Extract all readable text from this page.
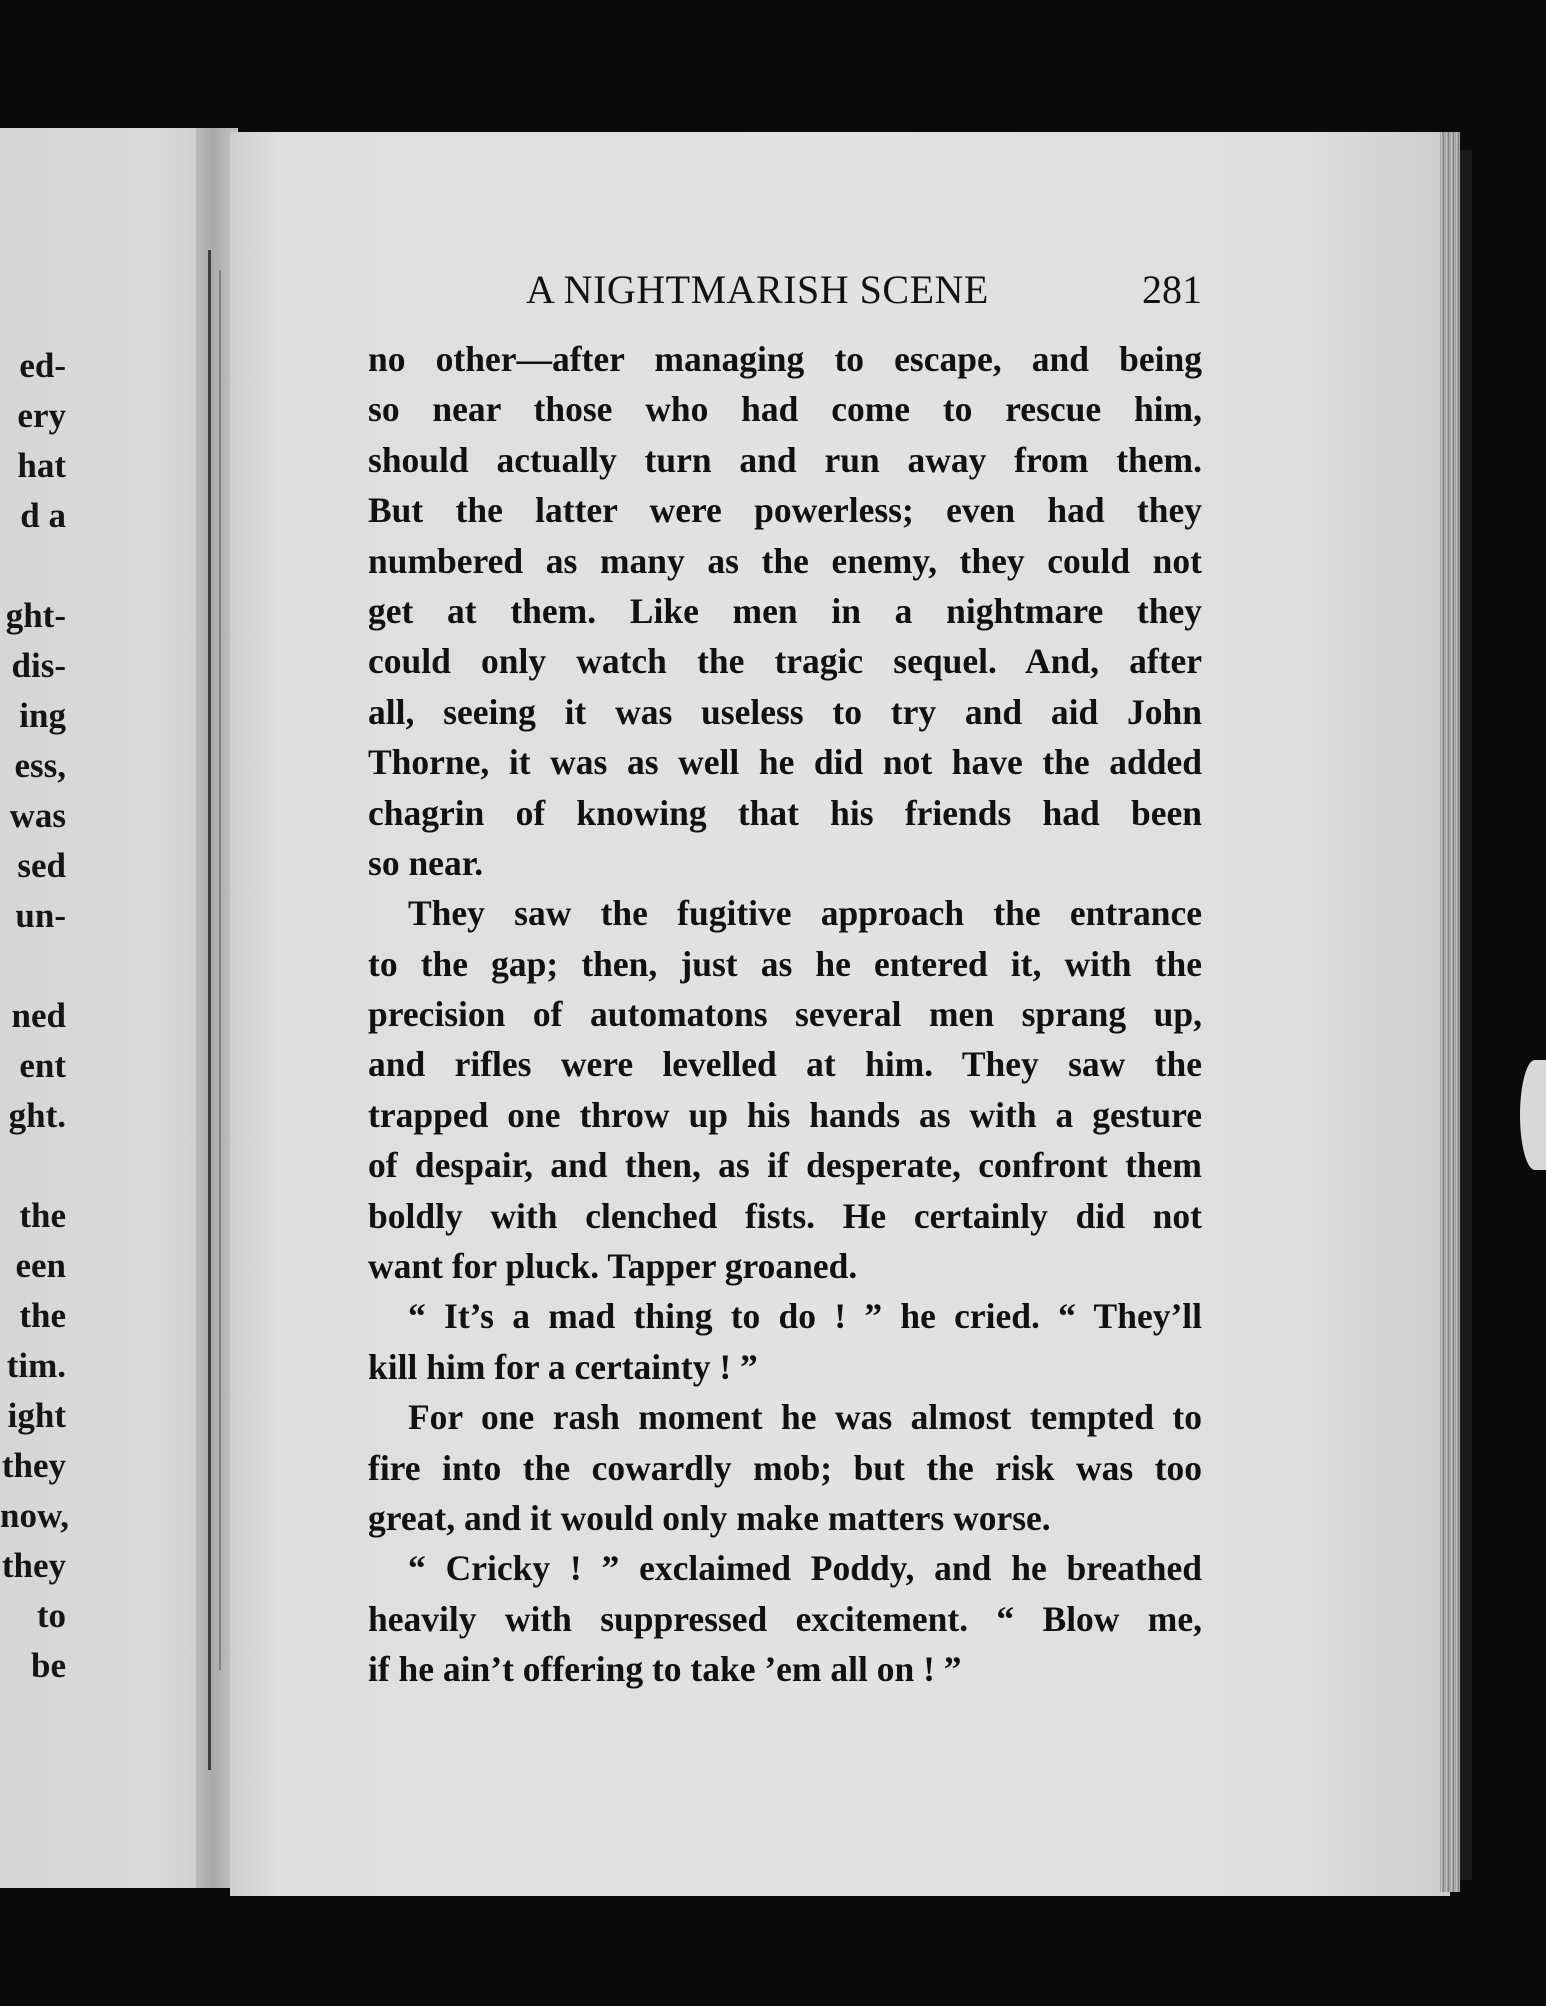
ed-
ery
hat
d a
ght-
dis-
ing
ess,
was
sed
un-
ned
ent
ght.
the
een
the
tim.
ight
they
now,
they
to
be
A NIGHTMARISH SCENE	281
no other—after managing to escape, and being
so near those who had come to rescue him,
should actually turn and run away from them.
But the latter were powerless; even had they
numbered as many as the enemy, they could not
get at them. Like men in a nightmare they
could only watch the tragic sequel. And, after
all, seeing it was useless to try and aid John
Thorne, it was as well he did not have the added
chagrin of knowing that his friends had been
so near.
They saw the fugitive approach the entrance
to the gap; then, just as he entered it, with the
precision of automatons several men sprang up,
and rifles were levelled at him. They saw the
trapped one throw up his hands as with a gesture
of despair, and then, as if desperate, confront them
boldly with clenched fists. He certainly did not
want for pluck. Tapper groaned.
“ It’s a mad thing to do ! ” he cried. “ They’ll
kill him for a certainty ! ”
For one rash moment he was almost tempted to
fire into the cowardly mob; but the risk was too
great, and it would only make matters worse.
“ Cricky ! ” exclaimed Poddy, and he breathed
heavily with suppressed excitement. “ Blow me,
if he ain’t offering to take ’em all on ! ”
